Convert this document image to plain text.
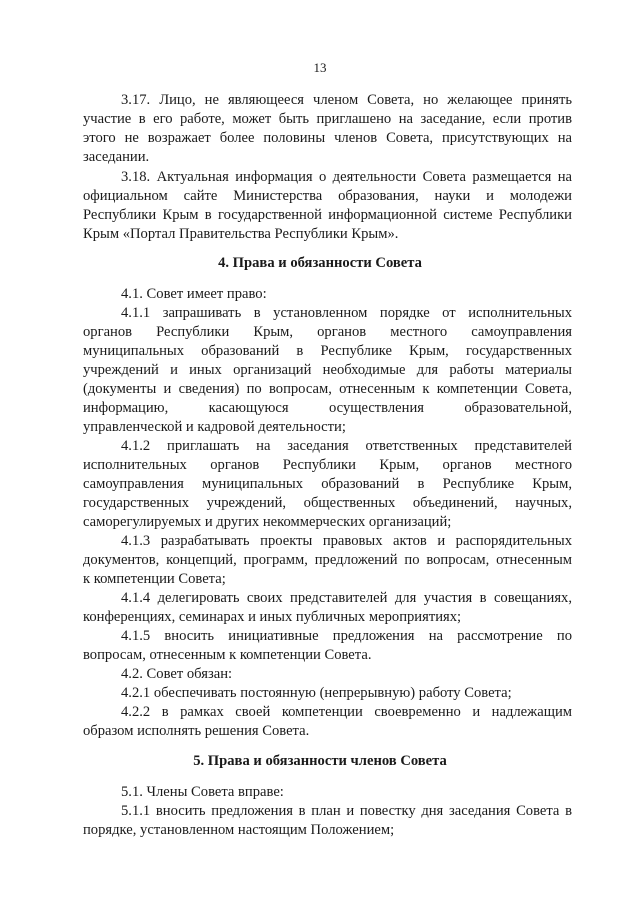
13
3.17. Лицо, не являющееся членом Совета, но желающее принять
участие в его работе, может быть приглашено на заседание, если против
этого не возражает более половины членов Совета, присутствующих на
заседании.
3.18. Актуальная информация о деятельности Совета размещается на
официальном сайте Министерства образования, науки и молодежи
Республики Крым в государственной информационной системе Республики
Крым «Портал Правительства Республики Крым».
4. Права и обязанности Совета
4.1. Совет имеет право:
4.1.1 запрашивать в установленном порядке от исполнительных
органов Республики Крым, органов местного самоуправления
муниципальных образований в Республике Крым, государственных
учреждений и иных организаций необходимые для работы материалы
(документы и сведения) по вопросам, отнесенным к компетенции Совета,
информацию, касающуюся осуществления образовательной,
управленческой и кадровой деятельности;
4.1.2 приглашать на заседания ответственных представителей
исполнительных органов Республики Крым, органов местного
самоуправления муниципальных образований в Республике Крым,
государственных учреждений, общественных объединений, научных,
саморегулируемых и других некоммерческих организаций;
4.1.3 разрабатывать проекты правовых актов и распорядительных
документов, концепций, программ, предложений по вопросам, отнесенным
к компетенции Совета;
4.1.4 делегировать своих представителей для участия в совещаниях,
конференциях, семинарах и иных публичных мероприятиях;
4.1.5 вносить инициативные предложения на рассмотрение по
вопросам, отнесенным к компетенции Совета.
4.2. Совет обязан:
4.2.1 обеспечивать постоянную (непрерывную) работу Совета;
4.2.2 в рамках своей компетенции своевременно и надлежащим
образом исполнять решения Совета.
5. Права и обязанности членов Совета
5.1. Члены Совета вправе:
5.1.1 вносить предложения в план и повестку дня заседания Совета в
порядке, установленном настоящим Положением;
